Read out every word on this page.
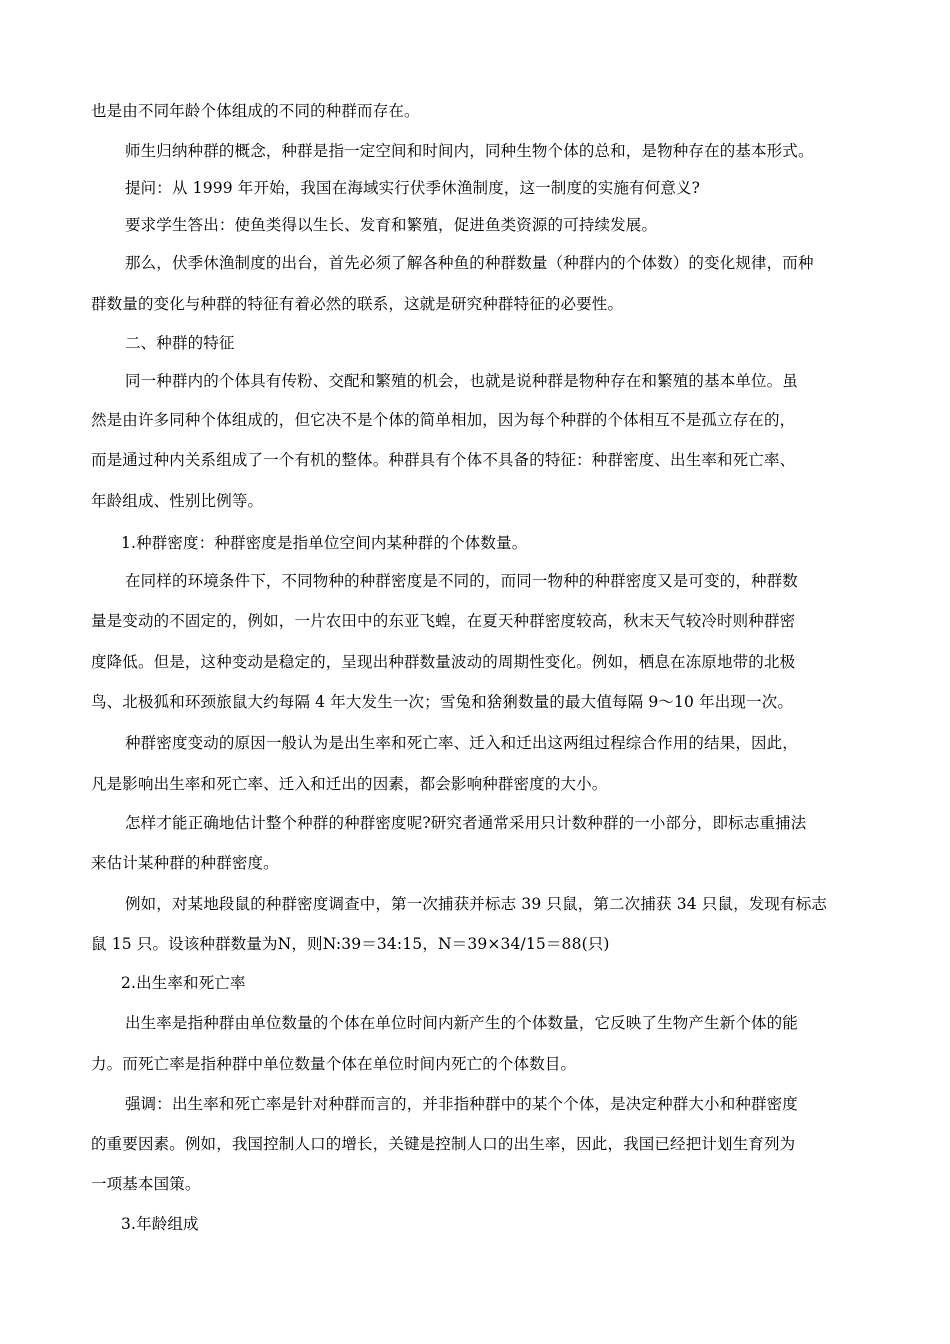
也是由不同年龄个体组成的不同的种群而存在。
师生归纳种群的概念，种群是指一定空间和时间内，同种生物个体的总和，是物种存在的基本形式。
提问：从 1999 年开始，我国在海域实行伏季休渔制度，这一制度的实施有何意义?
要求学生答出：使鱼类得以生长、发育和繁殖，促进鱼类资源的可持续发展。
那么，伏季休渔制度的出台，首先必须了解各种鱼的种群数量（种群内的个体数）的变化规律，而种
群数量的变化与种群的特征有着必然的联系，这就是研究种群特征的必要性。
二、种群的特征
同一种群内的个体具有传粉、交配和繁殖的机会，也就是说种群是物种存在和繁殖的基本单位。虽
然是由许多同种个体组成的，但它决不是个体的简单相加，因为每个种群的个体相互不是孤立存在的，
而是通过种内关系组成了一个有机的整体。种群具有个体不具备的特征：种群密度、出生率和死亡率、
年龄组成、性别比例等。
1.种群密度：种群密度是指单位空间内某种群的个体数量。
在同样的环境条件下，不同物种的种群密度是不同的，而同一物种的种群密度又是可变的，种群数
量是变动的不固定的，例如，一片农田中的东亚飞蝗，在夏天种群密度较高，秋末天气较冷时则种群密
度降低。但是，这种变动是稳定的，呈现出种群数量波动的周期性变化。例如，栖息在冻原地带的北极
鸟、北极狐和环颈旅鼠大约每隔 4 年大发生一次；雪兔和猞猁数量的最大值每隔 9～10 年出现一次。
种群密度变动的原因一般认为是出生率和死亡率、迁入和迁出这两组过程综合作用的结果，因此，
凡是影响出生率和死亡率、迁入和迁出的因素，都会影响种群密度的大小。
怎样才能正确地估计整个种群的种群密度呢?研究者通常采用只计数种群的一小部分，即标志重捕法
来估计某种群的种群密度。
例如，对某地段鼠的种群密度调查中，第一次捕获并标志 39 只鼠，第二次捕获 34 只鼠，发现有标志
鼠 15 只。设该种群数量为N，则N:39＝34:15，N＝39×34/15＝88(只)
2.出生率和死亡率
出生率是指种群由单位数量的个体在单位时间内新产生的个体数量，它反映了生物产生新个体的能
力。而死亡率是指种群中单位数量个体在单位时间内死亡的个体数目。
强调：出生率和死亡率是针对种群而言的，并非指种群中的某个个体，是决定种群大小和种群密度
的重要因素。例如，我国控制人口的增长，关键是控制人口的出生率，因此，我国已经把计划生育列为
一项基本国策。
3.年龄组成
